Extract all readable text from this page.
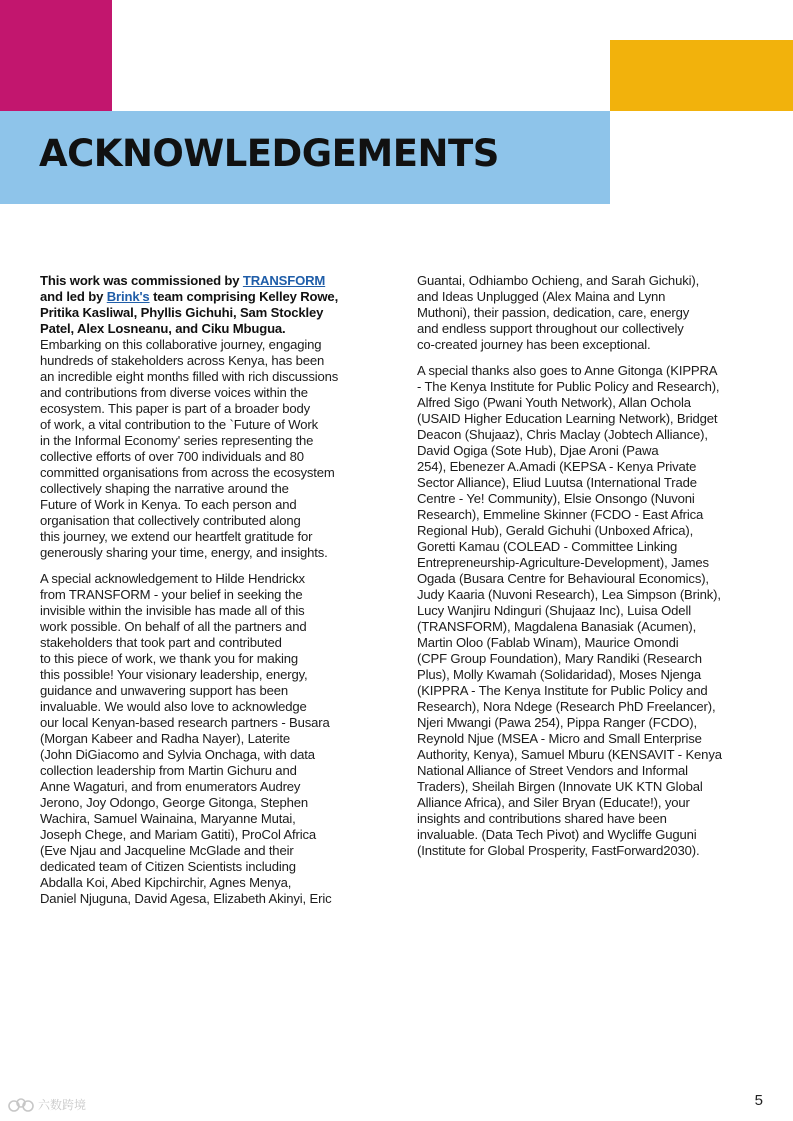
ACKNOWLEDGEMENTS

This work was commissioned by TRANSFORM
and led by Brink's team comprising Kelley Rowe,
Pritika Kasliwal, Phyllis Gichuhi, Sam Stockley
Patel, Alex Losneanu, and Ciku Mbugua.
Embarking on this collaborative journey, engaging
hundreds of stakeholders across Kenya, has been
an incredible eight months filled with rich discussions
and contributions from diverse voices within the
ecosystem. This paper is part of a broader body
of work, a vital contribution to the `Future of Work
in the Informal Economy' series representing the
collective efforts of over 700 individuals and 80
committed organisations from across the ecosystem
collectively shaping the narrative around the
Future of Work in Kenya. To each person and
organisation that collectively contributed along
this journey, we extend our heartfelt gratitude for
generously sharing your time, energy, and insights.

A special acknowledgement to Hilde Hendrickx
from TRANSFORM - your belief in seeking the
invisible within the invisible has made all of this
work possible. On behalf of all the partners and
stakeholders that took part and contributed
to this piece of work, we thank you for making
this possible! Your visionary leadership, energy,
guidance and unwavering support has been
invaluable. We would also love to acknowledge
our local Kenyan-based research partners - Busara
(Morgan Kabeer and Radha Nayer), Laterite
(John DiGiacomo and Sylvia Onchaga, with data
collection leadership from Martin Gichuru and
Anne Wagaturi, and from enumerators Audrey
Jerono, Joy Odongo, George Gitonga, Stephen
Wachira, Samuel Wainaina, Maryanne Mutai,
Joseph Chege, and Mariam Gatiti), ProCol Africa
(Eve Njau and Jacqueline McGlade and their
dedicated team of Citizen Scientists including
Abdalla Koi, Abed Kipchirchir, Agnes Menya,
Daniel Njuguna, David Agesa, Elizabeth Akinyi, Eric

Guantai, Odhiambo Ochieng, and Sarah Gichuki),
and Ideas Unplugged (Alex Maina and Lynn
Muthoni), their passion, dedication, care, energy
and endless support throughout our collectively
co-created journey has been exceptional.

A special thanks also goes to Anne Gitonga (KIPPRA
- The Kenya Institute for Public Policy and Research),
Alfred Sigo (Pwani Youth Network), Allan Ochola
(USAID Higher Education Learning Network), Bridget
Deacon (Shujaaz), Chris Maclay (Jobtech Alliance),
David Ogiga (Sote Hub), Djae Aroni (Pawa
254), Ebenezer A.Amadi (KEPSA - Kenya Private
Sector Alliance), Eliud Luutsa (International Trade
Centre - Ye! Community), Elsie Onsongo (Nuvoni
Research), Emmeline Skinner (FCDO - East Africa
Regional Hub), Gerald Gichuhi (Unboxed Africa),
Goretti Kamau (COLEAD - Committee Linking
Entrepreneurship-Agriculture-Development), James
Ogada (Busara Centre for Behavioural Economics),
Judy Kaaria (Nuvoni Research), Lea Simpson (Brink),
Lucy Wanjiru Ndinguri (Shujaaz Inc), Luisa Odell
(TRANSFORM), Magdalena Banasiak (Acumen),
Martin Oloo (Fablab Winam), Maurice Omondi
(CPF Group Foundation), Mary Randiki (Research
Plus), Molly Kwamah (Solidaridad), Moses Njenga
(KIPPRA - The Kenya Institute for Public Policy and
Research), Nora Ndege (Research PhD Freelancer),
Njeri Mwangi (Pawa 254), Pippa Ranger (FCDO),
Reynold Njue (MSEA - Micro and Small Enterprise
Authority, Kenya), Samuel Mburu (KENSAVIT - Kenya
National Alliance of Street Vendors and Informal
Traders), Sheilah Birgen (Innovate UK KTN Global
Alliance Africa), and Siler Bryan (Educate!), your
insights and contributions shared have been
invaluable. (Data Tech Pivot) and Wycliffe Guguni
(Institute for Global Prosperity, FastForward2030).

六数跨境	5
